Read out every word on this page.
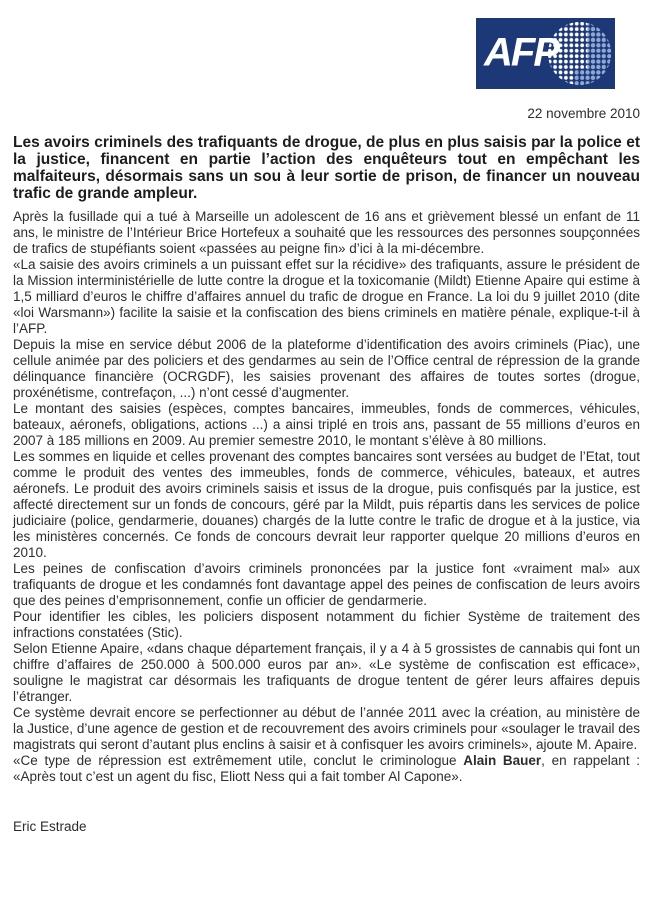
AFP
22 novembre 2010
Les avoirs criminels des trafiquants de drogue, de plus en plus saisis par la police et la justice, financent en partie l’action des enquêteurs tout en empêchant les malfaiteurs, désormais sans un sou à leur sortie de prison, de financer un nouveau trafic de grande ampleur.

Après la fusillade qui a tué à Marseille un adolescent de 16 ans et grièvement blessé un enfant de 11 ans, le ministre de l’Intérieur Brice Hortefeux a souhaité que les ressources des personnes soupçonnées de trafics de stupéfiants soient «passées au peigne fin» d’ici à la mi-décembre.

«La saisie des avoirs criminels a un puissant effet sur la récidive» des trafiquants, assure le président de la Mission interministérielle de lutte contre la drogue et la toxicomanie (Mildt) Etienne Apaire qui estime à 1,5 milliard d’euros le chiffre d’affaires annuel du trafic de drogue en France. La loi du 9 juillet 2010 (dite «loi Warsmann») facilite la saisie et la confiscation des biens criminels en matière pénale, explique-t-il à l’AFP.

Depuis la mise en service début 2006 de la plateforme d’identification des avoirs criminels (Piac), une cellule animée par des policiers et des gendarmes au sein de l’Office central de répression de la grande délinquance financière (OCRGDF), les saisies provenant des affaires de toutes sortes (drogue, proxénétisme, contrefaçon, ...) n’ont cessé d’augmenter.

Le montant des saisies (espèces, comptes bancaires, immeubles, fonds de commerces, véhicules, bateaux, aéronefs, obligations, actions ...) a ainsi triplé en trois ans, passant de 55 millions d’euros en 2007 à 185 millions en 2009. Au premier semestre 2010, le montant s’élève à 80 millions.

Les sommes en liquide et celles provenant des comptes bancaires sont versées au budget de l’Etat, tout comme le produit des ventes des immeubles, fonds de commerce, véhicules, bateaux, et autres aéronefs. Le produit des avoirs criminels saisis et issus de la drogue, puis confisqués par la justice, est affecté directement sur un fonds de concours, géré par la Mildt, puis répartis dans les services de police judiciaire (police, gendarmerie, douanes) chargés de la lutte contre le trafic de drogue et à la justice, via les ministères concernés. Ce fonds de concours devrait leur rapporter quelque 20 millions d’euros en 2010.

Les peines de confiscation d’avoirs criminels prononcées par la justice font «vraiment mal» aux trafiquants de drogue et les condamnés font davantage appel des peines de confiscation de leurs avoirs que des peines d’emprisonnement, confie un officier de gendarmerie.

Pour identifier les cibles, les policiers disposent notamment du fichier Système de traitement des infractions constatées (Stic).

Selon Etienne Apaire, «dans chaque département français, il y a 4 à 5 grossistes de cannabis qui font un chiffre d’affaires de 250.000 à 500.000 euros par an». «Le système de confiscation est efficace», souligne le magistrat car désormais les trafiquants de drogue tentent de gérer leurs affaires depuis l’étranger.

Ce système devrait encore se perfectionner au début de l’année 2011 avec la création, au ministère de la Justice, d’une agence de gestion et de recouvrement des avoirs criminels pour «soulager le travail des magistrats qui seront d’autant plus enclins à saisir et à confisquer les avoirs criminels», ajoute M. Apaire.

«Ce type de répression est extrêmement utile, conclut le criminologue Alain Bauer, en rappelant : «Après tout c’est un agent du fisc, Eliott Ness qui a fait tomber Al Capone».

Eric Estrade
